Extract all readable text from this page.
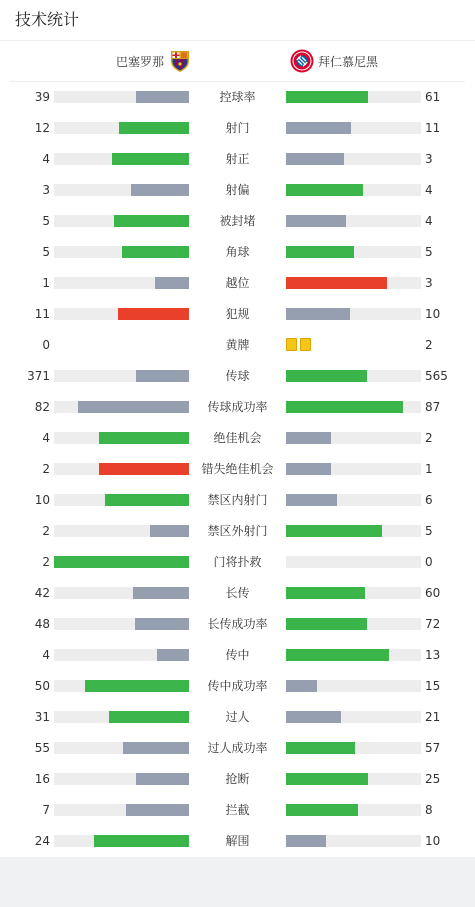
技术统计
巴塞罗那	拜仁慕尼黑
39	控球率	61
12	射门	11
4	射正	3
3	射偏	4
5	被封堵	4
5	角球	5
1	越位	3
11	犯规	10
0	黄牌	2
371	传球	565
82	传球成功率	87
4	绝佳机会	2
2	错失绝佳机会	1
10	禁区内射门	6
2	禁区外射门	5
2	门将扑救	0
42	长传	60
48	长传成功率	72
4	传中	13
50	传中成功率	15
31	过人	21
55	过人成功率	57
16	抢断	25
7	拦截	8
24	解围	10
